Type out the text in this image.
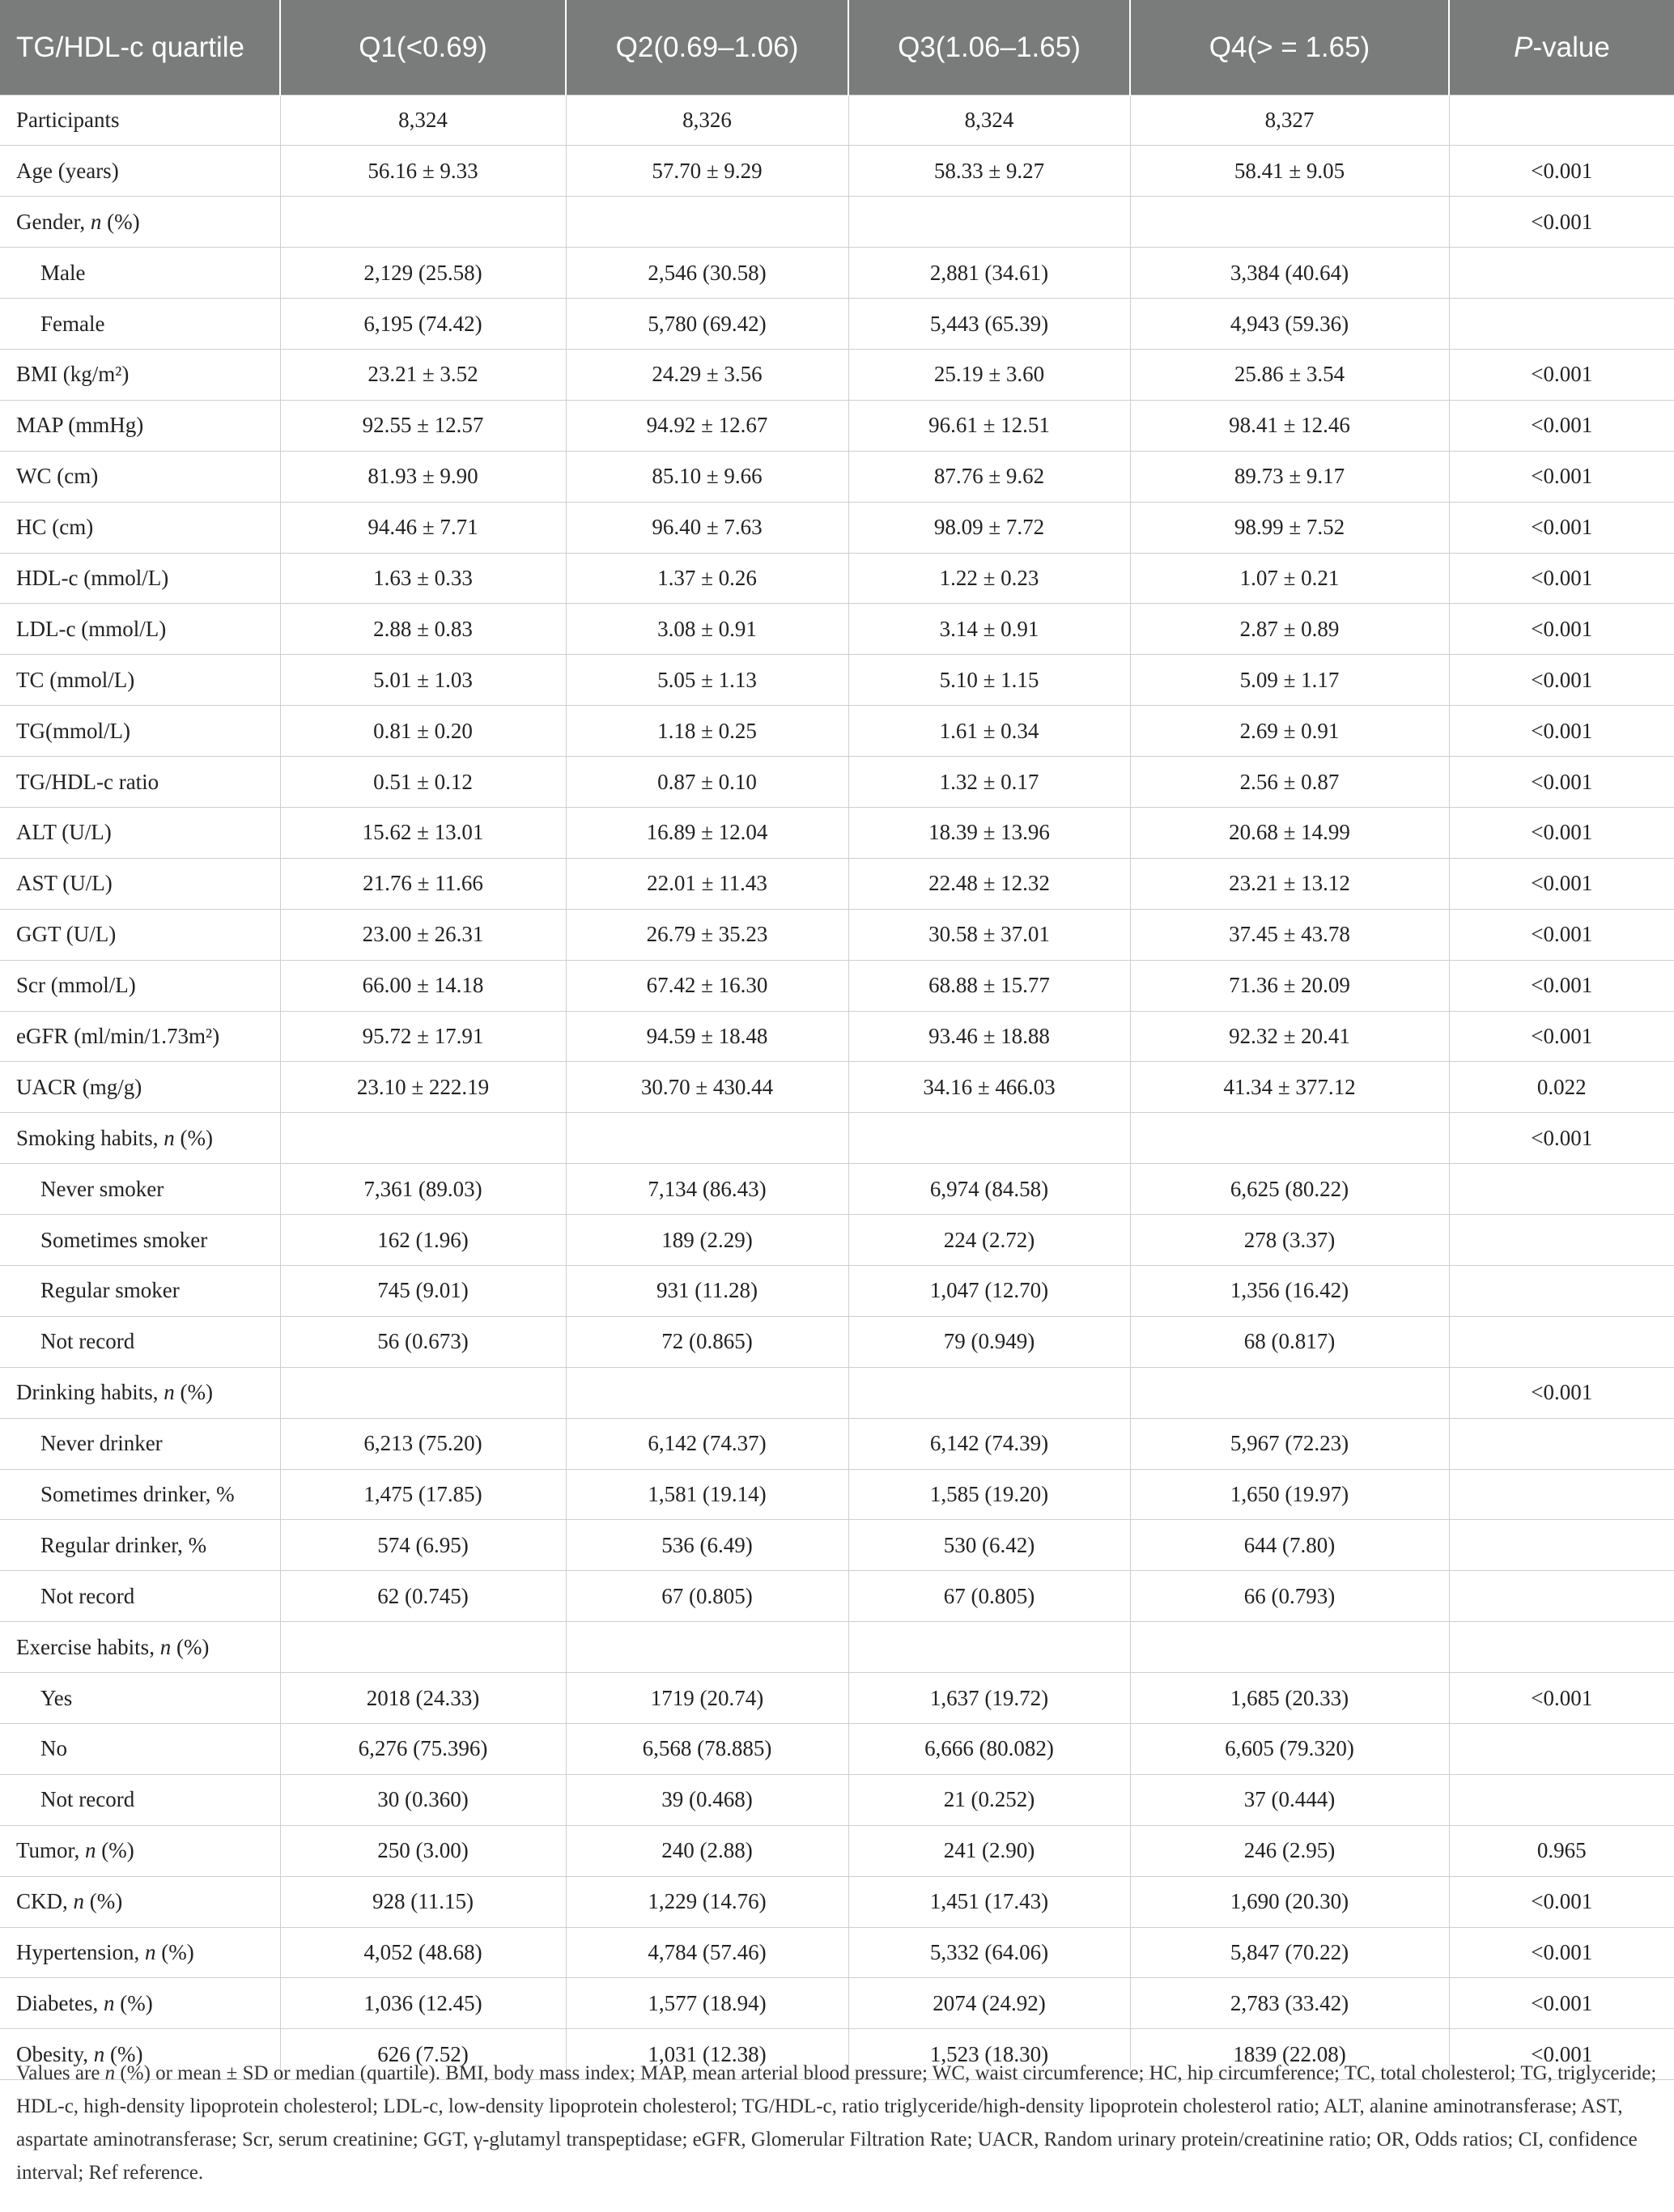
TG/HDL-c quartile	Q1(<0.69)	Q2(0.69–1.06)	Q3(1.06–1.65)	Q4(> = 1.65)	P-value
Participants	8,324	8,326	8,324	8,327	
Age (years)	56.16 ± 9.33	57.70 ± 9.29	58.33 ± 9.27	58.41 ± 9.05	<0.001
Gender, n (%)					<0.001
Male	2,129 (25.58)	2,546 (30.58)	2,881 (34.61)	3,384 (40.64)	
Female	6,195 (74.42)	5,780 (69.42)	5,443 (65.39)	4,943 (59.36)	
BMI (kg/m²)	23.21 ± 3.52	24.29 ± 3.56	25.19 ± 3.60	25.86 ± 3.54	<0.001
MAP (mmHg)	92.55 ± 12.57	94.92 ± 12.67	96.61 ± 12.51	98.41 ± 12.46	<0.001
WC (cm)	81.93 ± 9.90	85.10 ± 9.66	87.76 ± 9.62	89.73 ± 9.17	<0.001
HC (cm)	94.46 ± 7.71	96.40 ± 7.63	98.09 ± 7.72	98.99 ± 7.52	<0.001
HDL-c (mmol/L)	1.63 ± 0.33	1.37 ± 0.26	1.22 ± 0.23	1.07 ± 0.21	<0.001
LDL-c (mmol/L)	2.88 ± 0.83	3.08 ± 0.91	3.14 ± 0.91	2.87 ± 0.89	<0.001
TC (mmol/L)	5.01 ± 1.03	5.05 ± 1.13	5.10 ± 1.15	5.09 ± 1.17	<0.001
TG(mmol/L)	0.81 ± 0.20	1.18 ± 0.25	1.61 ± 0.34	2.69 ± 0.91	<0.001
TG/HDL-c ratio	0.51 ± 0.12	0.87 ± 0.10	1.32 ± 0.17	2.56 ± 0.87	<0.001
ALT (U/L)	15.62 ± 13.01	16.89 ± 12.04	18.39 ± 13.96	20.68 ± 14.99	<0.001
AST (U/L)	21.76 ± 11.66	22.01 ± 11.43	22.48 ± 12.32	23.21 ± 13.12	<0.001
GGT (U/L)	23.00 ± 26.31	26.79 ± 35.23	30.58 ± 37.01	37.45 ± 43.78	<0.001
Scr (mmol/L)	66.00 ± 14.18	67.42 ± 16.30	68.88 ± 15.77	71.36 ± 20.09	<0.001
eGFR (ml/min/1.73m²)	95.72 ± 17.91	94.59 ± 18.48	93.46 ± 18.88	92.32 ± 20.41	<0.001
UACR (mg/g)	23.10 ± 222.19	30.70 ± 430.44	34.16 ± 466.03	41.34 ± 377.12	0.022
Smoking habits, n (%)					<0.001
Never smoker	7,361 (89.03)	7,134 (86.43)	6,974 (84.58)	6,625 (80.22)	
Sometimes smoker	162 (1.96)	189 (2.29)	224 (2.72)	278 (3.37)	
Regular smoker	745 (9.01)	931 (11.28)	1,047 (12.70)	1,356 (16.42)	
Not record	56 (0.673)	72 (0.865)	79 (0.949)	68 (0.817)	
Drinking habits, n (%)					<0.001
Never drinker	6,213 (75.20)	6,142 (74.37)	6,142 (74.39)	5,967 (72.23)	
Sometimes drinker, %	1,475 (17.85)	1,581 (19.14)	1,585 (19.20)	1,650 (19.97)	
Regular drinker, %	574 (6.95)	536 (6.49)	530 (6.42)	644 (7.80)	
Not record	62 (0.745)	67 (0.805)	67 (0.805)	66 (0.793)	
Exercise habits, n (%)					
Yes	2018 (24.33)	1719 (20.74)	1,637 (19.72)	1,685 (20.33)	<0.001
No	6,276 (75.396)	6,568 (78.885)	6,666 (80.082)	6,605 (79.320)	
Not record	30 (0.360)	39 (0.468)	21 (0.252)	37 (0.444)	
Tumor, n (%)	250 (3.00)	240 (2.88)	241 (2.90)	246 (2.95)	0.965
CKD, n (%)	928 (11.15)	1,229 (14.76)	1,451 (17.43)	1,690 (20.30)	<0.001
Hypertension, n (%)	4,052 (48.68)	4,784 (57.46)	5,332 (64.06)	5,847 (70.22)	<0.001
Diabetes, n (%)	1,036 (12.45)	1,577 (18.94)	2074 (24.92)	2,783 (33.42)	<0.001
Obesity, n (%)	626 (7.52)	1,031 (12.38)	1,523 (18.30)	1839 (22.08)	<0.001
Values are n (%) or mean ± SD or median (quartile). BMI, body mass index; MAP, mean arterial blood pressure; WC, waist circumference; HC, hip circumference; TC, total cholesterol; TG, triglyceride; HDL-c, high-density lipoprotein cholesterol; LDL-c, low-density lipoprotein cholesterol; TG/HDL-c, ratio triglyceride/high-density lipoprotein cholesterol ratio; ALT, alanine aminotransferase; AST, aspartate aminotransferase; Scr, serum creatinine; GGT, γ-glutamyl transpeptidase; eGFR, Glomerular Filtration Rate; UACR, Random urinary protein/creatinine ratio; OR, Odds ratios; CI, confidence interval; Ref reference.
